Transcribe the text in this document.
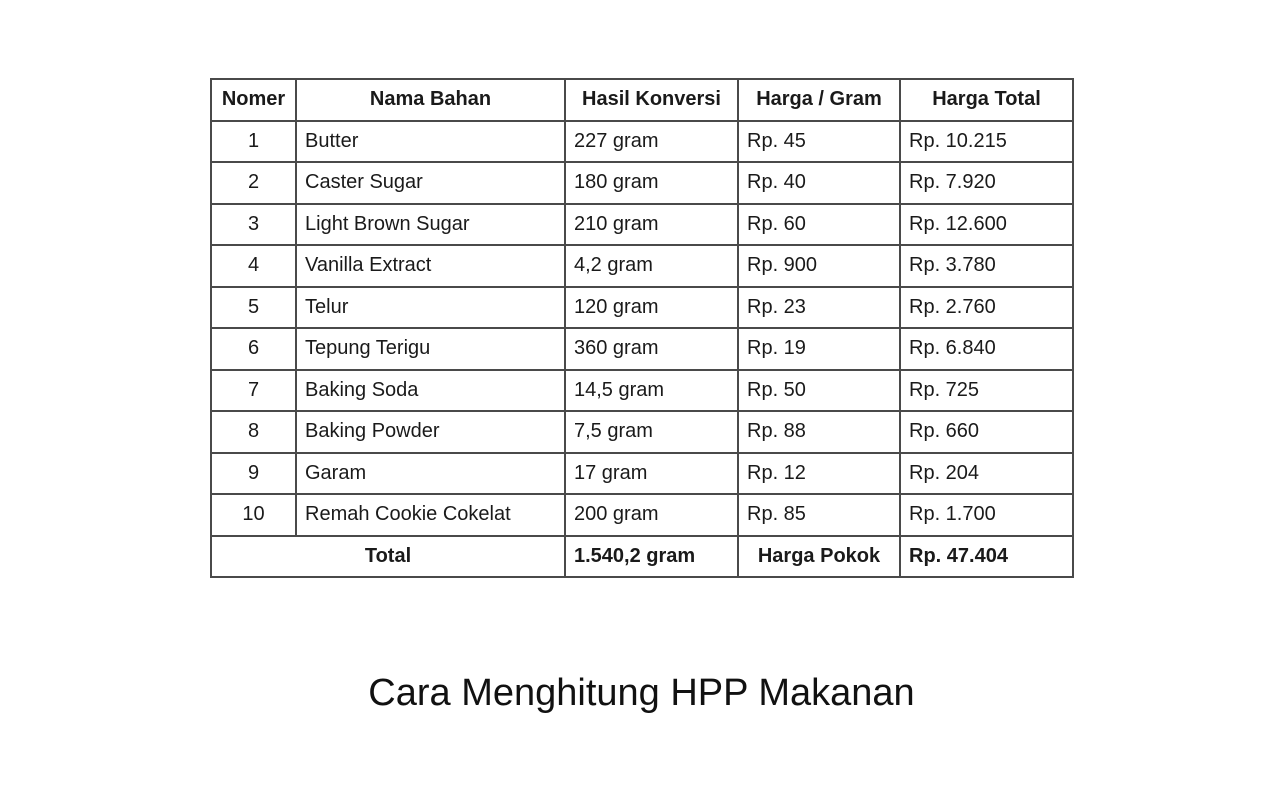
Nomer	Nama Bahan	Hasil Konversi	Harga / Gram	Harga Total
1	Butter	227 gram	Rp. 45	Rp. 10.215
2	Caster Sugar	180 gram	Rp. 40	Rp. 7.920
3	Light Brown Sugar	210 gram	Rp. 60	Rp. 12.600
4	Vanilla Extract	4,2 gram	Rp. 900	Rp. 3.780
5	Telur	120 gram	Rp. 23	Rp. 2.760
6	Tepung Terigu	360 gram	Rp. 19	Rp. 6.840
7	Baking Soda	14,5 gram	Rp. 50	Rp. 725
8	Baking Powder	7,5 gram	Rp. 88	Rp. 660
9	Garam	17 gram	Rp. 12	Rp. 204
10	Remah Cookie Cokelat	200 gram	Rp. 85	Rp. 1.700
Total		1.540,2 gram	Harga Pokok	Rp. 47.404
Cara Menghitung HPP Makanan
